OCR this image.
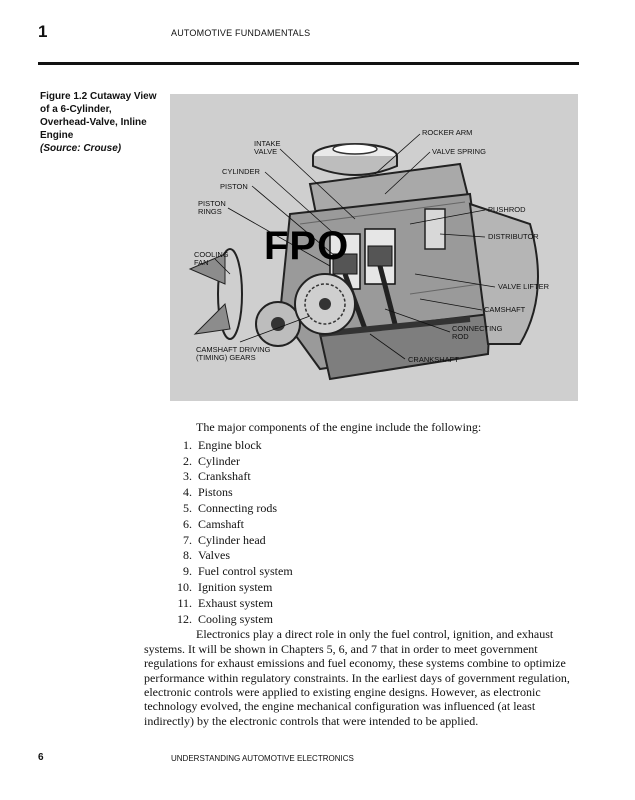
1	AUTOMOTIVE FUNDAMENTALS
Figure 1.2 Cutaway View of a 6-Cylinder, Overhead-Valve, Inline Engine
(Source: Crouse)	INTAKE VALVE
CYLINDER
PISTON
PISTON RINGS
COOLING FAN
CAMSHAFT DRIVING (TIMING) GEARS
ROCKER ARM
VALVE SPRING
PUSHROD
DISTRIBUTOR
VALVE LIFTER
CAMSHAFT
CONNECTING ROD
CRANKSHAFT
FPO

The major components of the engine include the following:

1. Engine block
2. Cylinder
3. Crankshaft
4. Pistons
5. Connecting rods
6. Camshaft
7. Cylinder head
8. Valves
9. Fuel control system
10. Ignition system
11. Exhaust system
12. Cooling system

Electronics play a direct role in only the fuel control, ignition, and exhaust systems. It will be shown in Chapters 5, 6, and 7 that in order to meet government regulations for exhaust emissions and fuel economy, these systems combine to optimize performance within regulatory constraints. In the earliest days of government regulation, electronic controls were applied to existing engine designs. However, as electronic technology evolved, the engine mechanical configuration was influenced (at least indirectly) by the electronic controls that were intended to be applied.

6	UNDERSTANDING AUTOMOTIVE ELECTRONICS
